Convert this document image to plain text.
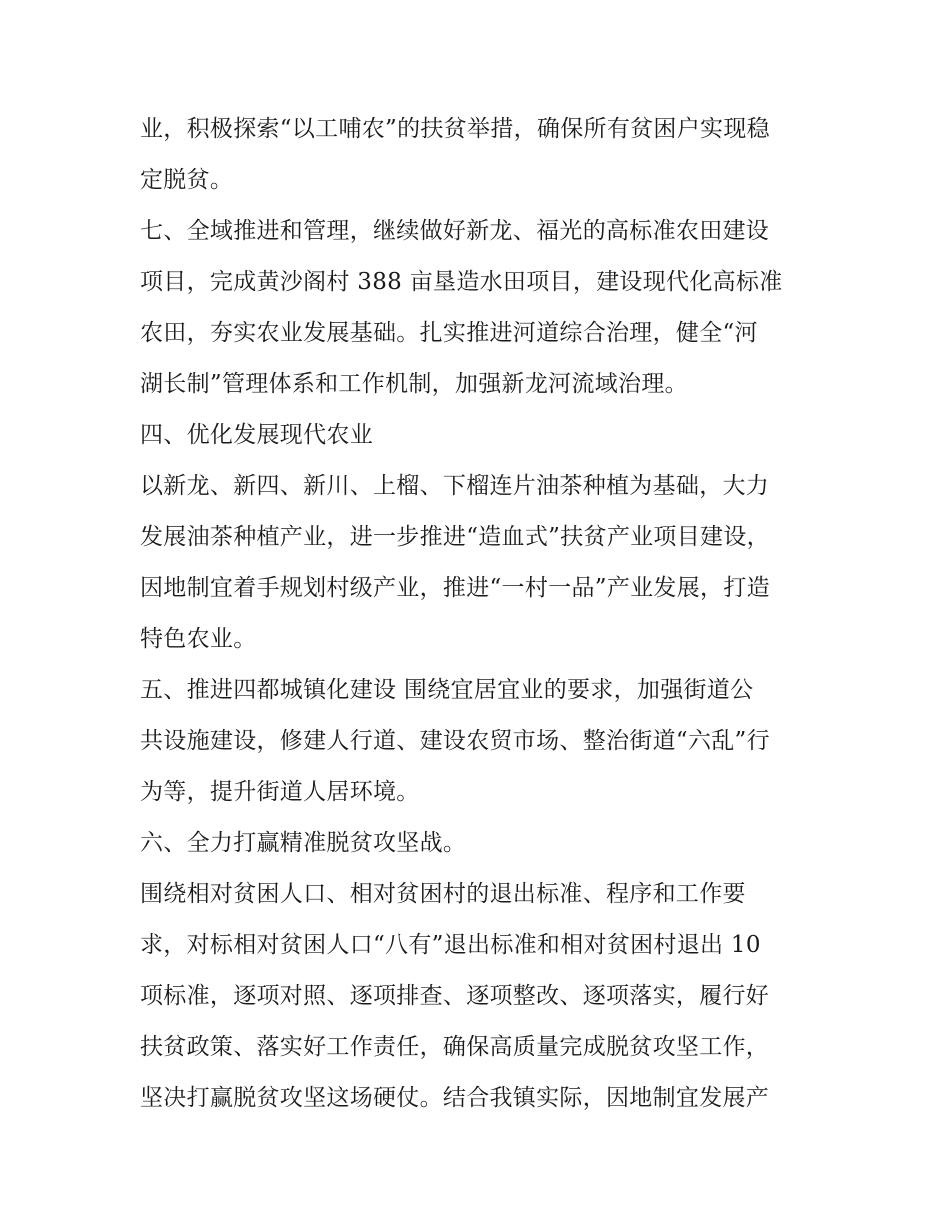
业，积极探索“以工哺农”的扶贫举措，确保所有贫困户实现稳
定脱贫。
七、全域推进和管理，继续做好新龙、福光的高标准农田建设
项目，完成黄沙阁村 388 亩垦造水田项目，建设现代化高标准
农田，夯实农业发展基础。扎实推进河道综合治理，健全“河
湖长制”管理体系和工作机制，加强新龙河流域治理。
四、优化发展现代农业
以新龙、新四、新川、上榴、下榴连片油茶种植为基础，大力
发展油茶种植产业，进一步推进“造血式”扶贫产业项目建设，
因地制宜着手规划村级产业，推进“一村一品”产业发展，打造
特色农业。
五、推进四都城镇化建设 围绕宜居宜业的要求，加强街道公
共设施建设，修建人行道、建设农贸市场、整治街道“六乱”行
为等，提升街道人居环境。
六、全力打赢精准脱贫攻坚战。
围绕相对贫困人口、相对贫困村的退出标准、程序和工作要
求，对标相对贫困人口“八有”退出标准和相对贫困村退出 10
项标准，逐项对照、逐项排查、逐项整改、逐项落实，履行好
扶贫政策、落实好工作责任，确保高质量完成脱贫攻坚工作，
坚决打赢脱贫攻坚这场硬仗。结合我镇实际，因地制宜发展产
